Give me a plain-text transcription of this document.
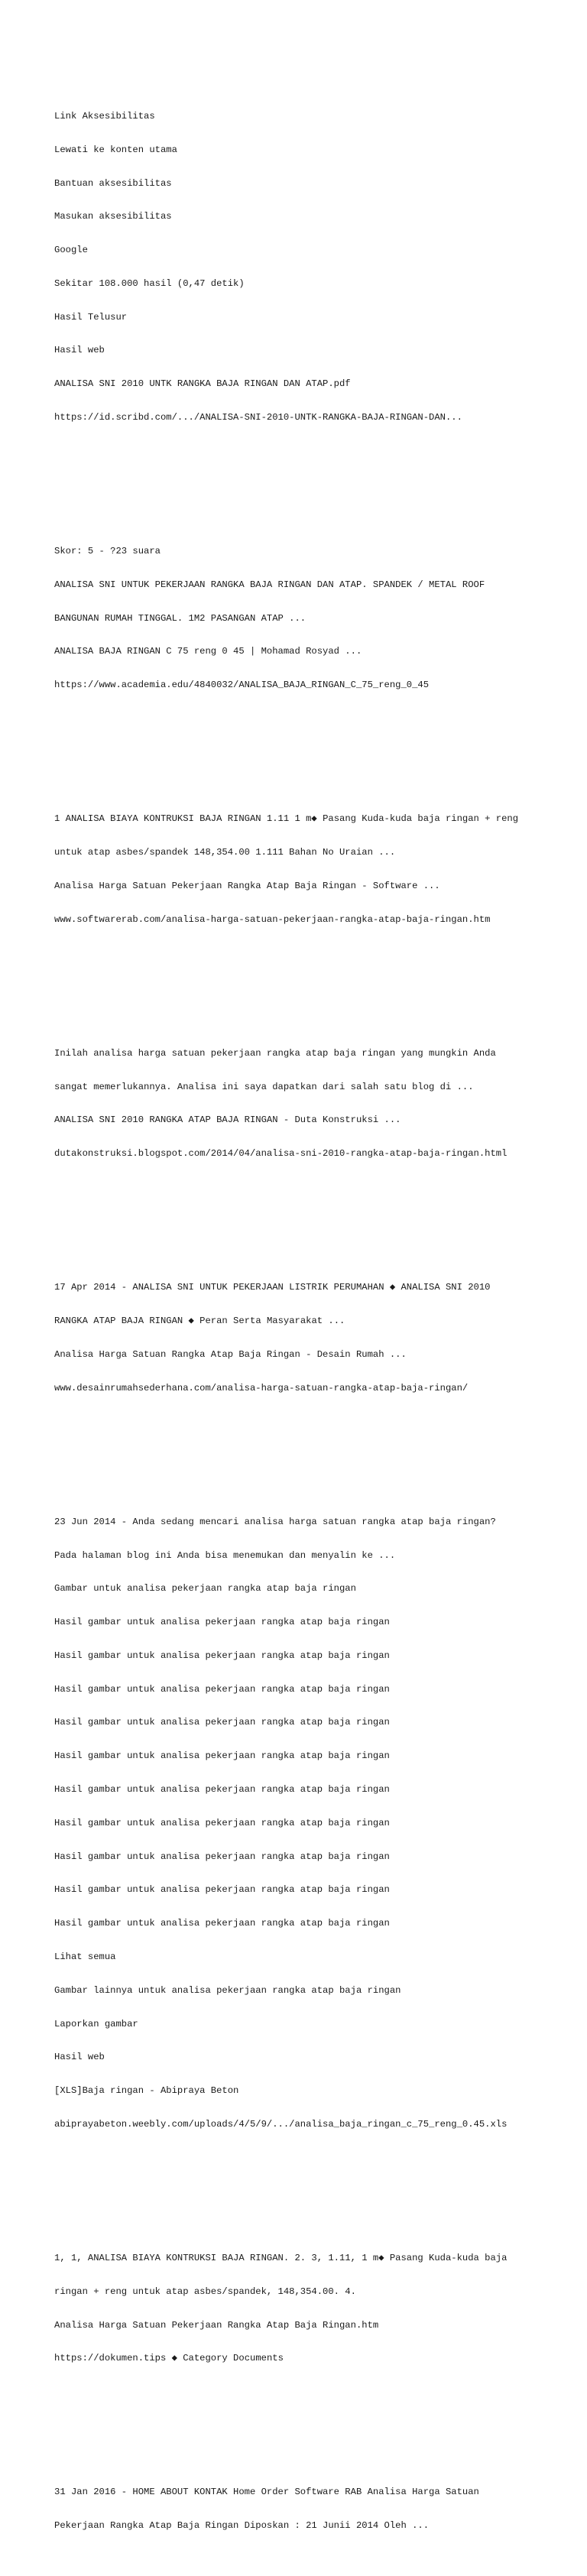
Link Aksesibilitas

Lewati ke konten utama

Bantuan aksesibilitas

Masukan aksesibilitas

Google

Sekitar 108.000 hasil (0,47 detik)

Hasil Telusur

Hasil web

ANALISA SNI 2010 UNTK RANGKA BAJA RINGAN DAN ATAP.pdf

https://id.scribd.com/.../ANALISA-SNI-2010-UNTK-RANGKA-BAJA-RINGAN-DAN...

Skor: 5 - ?23 suara

ANALISA SNI UNTUK PEKERJAAN RANGKA BAJA RINGAN DAN ATAP. SPANDEK / METAL ROOF

BANGUNAN RUMAH TINGGAL. 1M2 PASANGAN ATAP ...

ANALISA BAJA RINGAN C 75 reng 0 45 | Mohamad Rosyad ...

https://www.academia.edu/4840032/ANALISA_BAJA_RINGAN_C_75_reng_0_45

1 ANALISA BIAYA KONTRUKSI BAJA RINGAN 1.11 1 m◆ Pasang Kuda-kuda baja ringan + reng

untuk atap asbes/spandek 148,354.00 1.111 Bahan No Uraian ...

Analisa Harga Satuan Pekerjaan Rangka Atap Baja Ringan - Software ...

www.softwarerab.com/analisa-harga-satuan-pekerjaan-rangka-atap-baja-ringan.htm

Inilah analisa harga satuan pekerjaan rangka atap baja ringan yang mungkin Anda

sangat memerlukannya. Analisa ini saya dapatkan dari salah satu blog di ...

ANALISA SNI 2010 RANGKA ATAP BAJA RINGAN - Duta Konstruksi ...

dutakonstruksi.blogspot.com/2014/04/analisa-sni-2010-rangka-atap-baja-ringan.html

17 Apr 2014 - ANALISA SNI UNTUK PEKERJAAN LISTRIK PERUMAHAN ◆ ANALISA SNI 2010

RANGKA ATAP BAJA RINGAN ◆ Peran Serta Masyarakat ...

Analisa Harga Satuan Rangka Atap Baja Ringan - Desain Rumah ...

www.desainrumahsederhana.com/analisa-harga-satuan-rangka-atap-baja-ringan/

23 Jun 2014 - Anda sedang mencari analisa harga satuan rangka atap baja ringan?

Pada halaman blog ini Anda bisa menemukan dan menyalin ke ...

Gambar untuk analisa pekerjaan rangka atap baja ringan

Hasil gambar untuk analisa pekerjaan rangka atap baja ringan

Hasil gambar untuk analisa pekerjaan rangka atap baja ringan

Hasil gambar untuk analisa pekerjaan rangka atap baja ringan

Hasil gambar untuk analisa pekerjaan rangka atap baja ringan

Hasil gambar untuk analisa pekerjaan rangka atap baja ringan

Hasil gambar untuk analisa pekerjaan rangka atap baja ringan

Hasil gambar untuk analisa pekerjaan rangka atap baja ringan

Hasil gambar untuk analisa pekerjaan rangka atap baja ringan

Hasil gambar untuk analisa pekerjaan rangka atap baja ringan

Hasil gambar untuk analisa pekerjaan rangka atap baja ringan

Lihat semua

Gambar lainnya untuk analisa pekerjaan rangka atap baja ringan

Laporkan gambar

Hasil web

[XLS]Baja ringan - Abipraya Beton

abiprayabeton.weebly.com/uploads/4/5/9/.../analisa_baja_ringan_c_75_reng_0.45.xls

1, 1, ANALISA BIAYA KONTRUKSI BAJA RINGAN. 2. 3, 1.11, 1 m◆ Pasang Kuda-kuda baja

ringan + reng untuk atap asbes/spandek, 148,354.00. 4.

Analisa Harga Satuan Pekerjaan Rangka Atap Baja Ringan.htm

https://dokumen.tips ◆ Category Documents

31 Jan 2016 - HOME ABOUT KONTAK Home Order Software RAB Analisa Harga Satuan

Pekerjaan Rangka Atap Baja Ringan Diposkan : 21 Junii 2014 Oleh ...
